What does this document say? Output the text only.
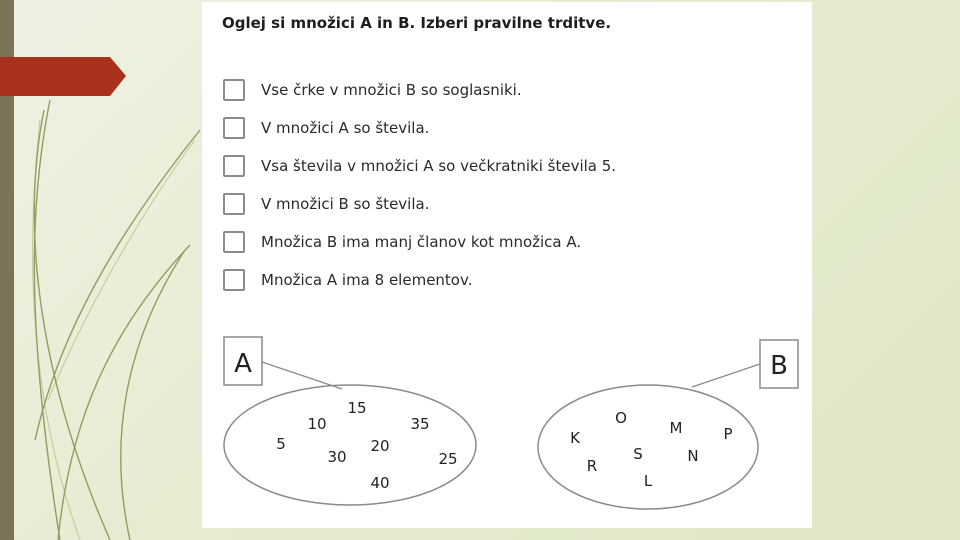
Oglej si množici A in B. Izberi pravilne trditve.
Vse črke v množici B so soglasniki.
V množici A so števila.
Vsa števila v množici A so večkratniki števila 5.
V množici B so števila.
Množica B ima manj članov kot množica A.
Množica A ima 8 elementov.
A
15
10	35
5	20
30	25
40
B
O
M
K	P
S	N
R
L
